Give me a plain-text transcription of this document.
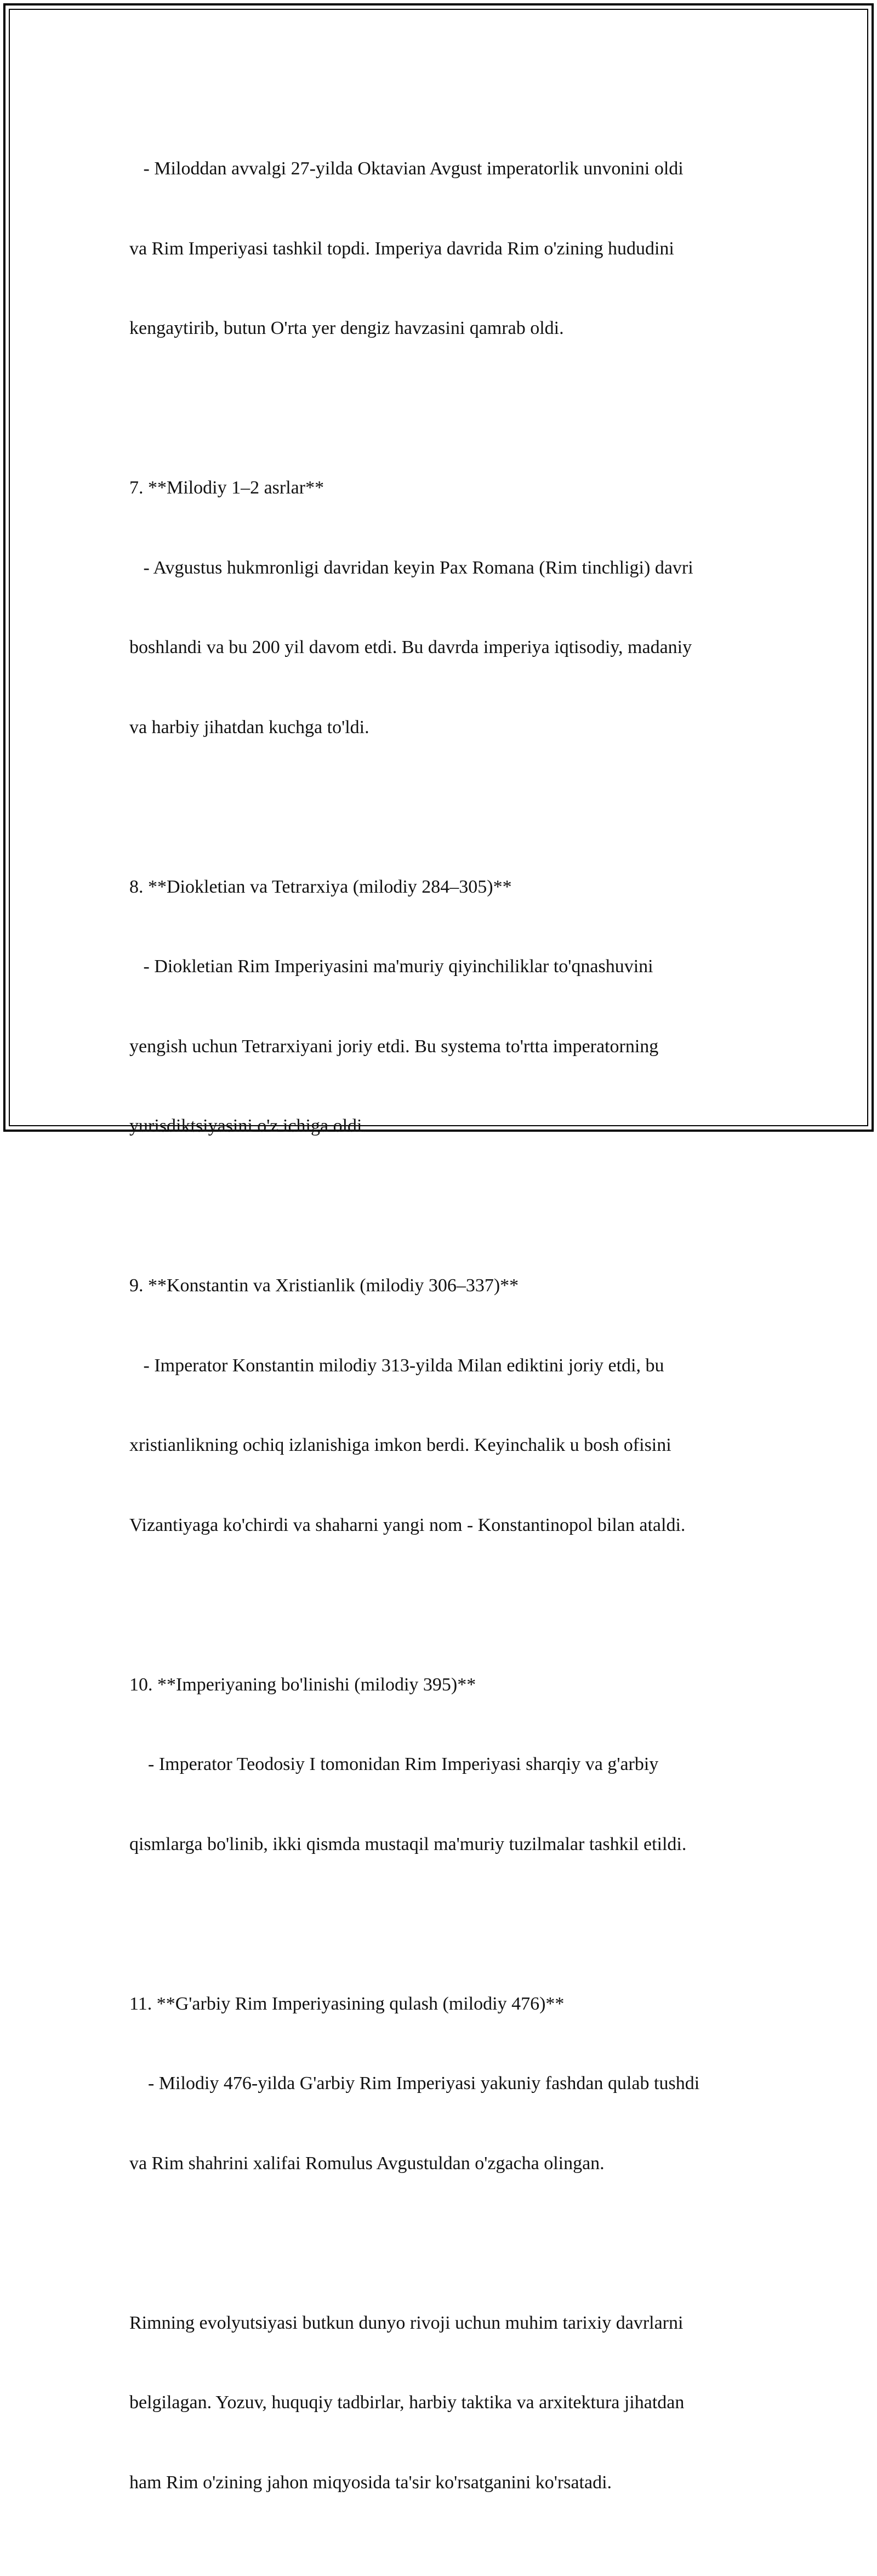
- Miloddan avvalgi 27-yilda Oktavian Avgust imperatorlik unvonini oldi

va Rim Imperiyasi tashkil topdi. Imperiya davrida Rim o'zining hududini

kengaytirib, butun O'rta yer dengiz havzasini qamrab oldi.

7. **Milodiy 1–2 asrlar**

- Avgustus hukmronligi davridan keyin Pax Romana (Rim tinchligi) davri

boshlandi va bu 200 yil davom etdi. Bu davrda imperiya iqtisodiy, madaniy

va harbiy jihatdan kuchga to'ldi.

8. **Diokletian va Tetrarxiya (milodiy 284–305)**

- Diokletian Rim Imperiyasini ma'muriy qiyinchiliklar to'qnashuvini

yengish uchun Tetrarxiyani joriy etdi. Bu systema to'rtta imperatorning

yurisdiktsiyasini o'z ichiga oldi.

9. **Konstantin va Xristianlik (milodiy 306–337)**

- Imperator Konstantin milodiy 313-yilda Milan ediktini joriy etdi, bu

xristianlikning ochiq izlanishiga imkon berdi. Keyinchalik u bosh ofisini

Vizantiyaga ko'chirdi va shaharni yangi nom - Konstantinopol bilan ataldi.

10. **Imperiyaning bo'linishi (milodiy 395)**

- Imperator Teodosiy I tomonidan Rim Imperiyasi sharqiy va g'arbiy

qismlarga bo'linib, ikki qismda mustaqil ma'muriy tuzilmalar tashkil etildi.

11. **G'arbiy Rim Imperiyasining qulash (milodiy 476)**

- Milodiy 476-yilda G'arbiy Rim Imperiyasi yakuniy fashdan qulab tushdi

va Rim shahrini xalifai Romulus Avgustuldan o'zgacha olingan.

Rimning evolyutsiyasi butkun dunyo rivoji uchun muhim tarixiy davrlarni

belgilagan. Yozuv, huquqiy tadbirlar, harbiy taktika va arxitektura jihatdan

ham Rim o'zining jahon miqyosida ta'sir ko'rsatganini ko'rsatadi.
